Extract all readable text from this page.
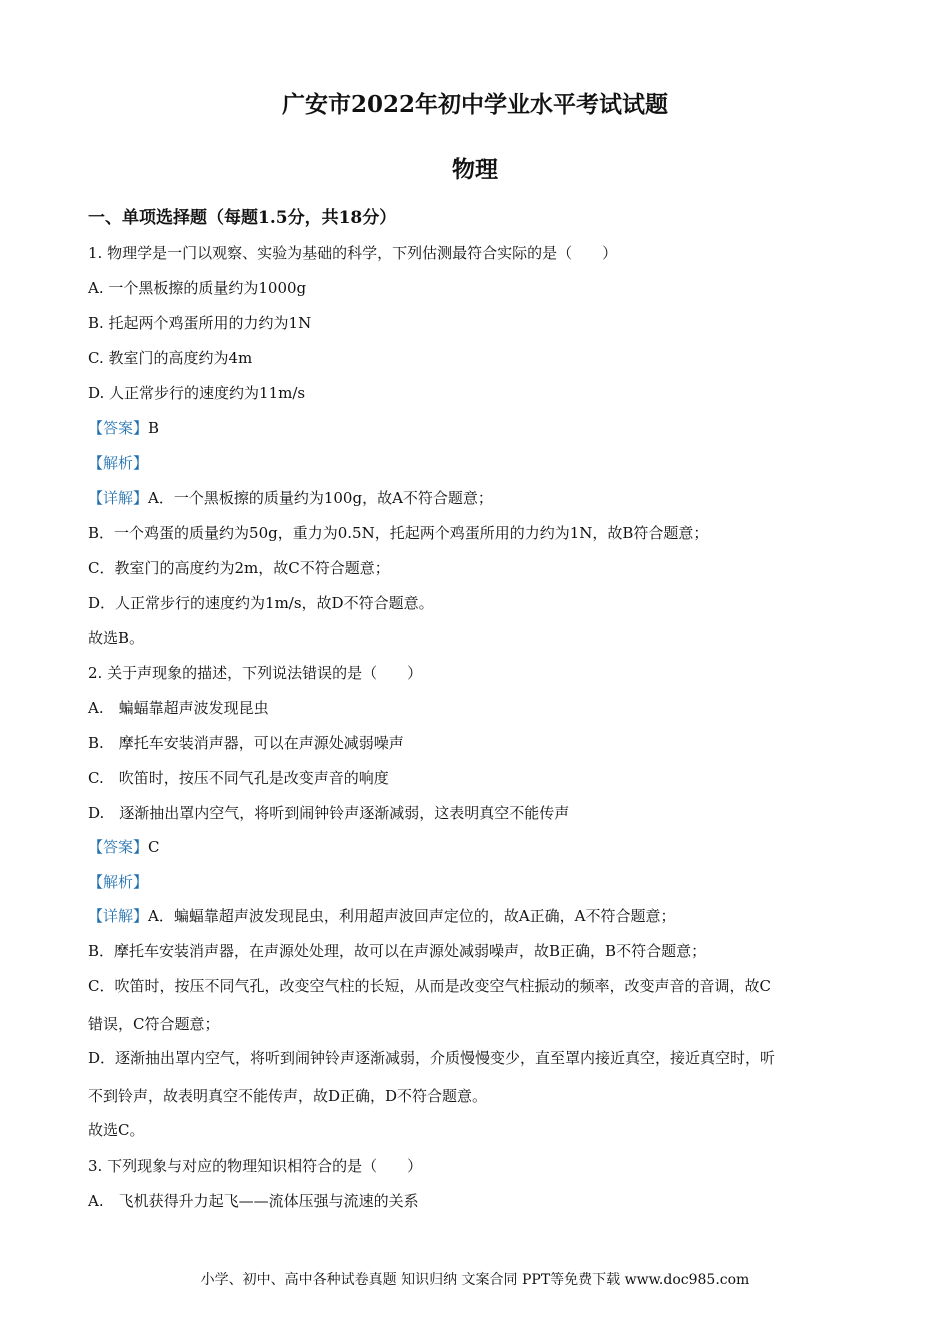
广安市2022年初中学业水平考试试题
物理
一、单项选择题（每题1.5分，共18分）
1. 物理学是一门以观察、实验为基础的科学，下列估测最符合实际的是（　　）
A. 一个黑板擦的质量约为1000g
B. 托起两个鸡蛋所用的力约为1N
C. 教室门的高度约为4m
D. 人正常步行的速度约为11m/s
【答案】B
【解析】
【详解】A．一个黑板擦的质量约为100g，故A不符合题意；
B．一个鸡蛋的质量约为50g，重力为0.5N，托起两个鸡蛋所用的力约为1N，故B符合题意；
C．教室门的高度约为2m，故C不符合题意；
D．人正常步行的速度约为1m/s，故D不符合题意。
故选B。
2. 关于声现象的描述，下列说法错误的是（　　）
A.　蝙蝠靠超声波发现昆虫
B.　摩托车安装消声器，可以在声源处减弱噪声
C.　吹笛时，按压不同气孔是改变声音的响度
D.　逐渐抽出罩内空气，将听到闹钟铃声逐渐减弱，这表明真空不能传声
【答案】C
【解析】
【详解】A．蝙蝠靠超声波发现昆虫，利用超声波回声定位的，故A正确，A不符合题意；
B．摩托车安装消声器，在声源处处理，故可以在声源处减弱噪声，故B正确，B不符合题意；
C．吹笛时，按压不同气孔，改变空气柱的长短，从而是改变空气柱振动的频率，改变声音的音调，故C
错误，C符合题意；
D．逐渐抽出罩内空气，将听到闹钟铃声逐渐减弱，介质慢慢变少，直至罩内接近真空，接近真空时，听
不到铃声，故表明真空不能传声，故D正确，D不符合题意。
故选C。
3. 下列现象与对应的物理知识相符合的是（　　）
A.　飞机获得升力起飞——流体压强与流速的关系
小学、初中、高中各种试卷真题 知识归纳 文案合同 PPT等免费下载 www.doc985.com
